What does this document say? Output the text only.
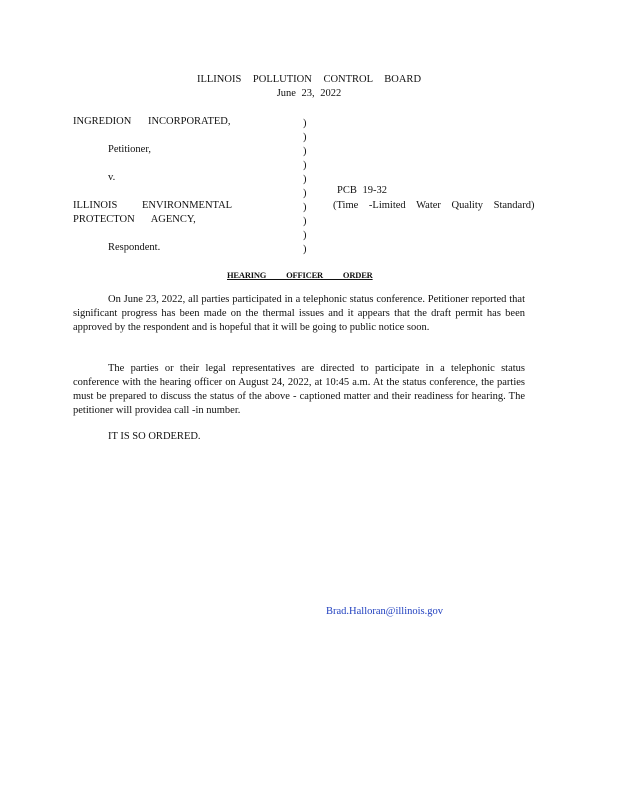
ILLINOIS POLLUTION CONTROL BOARD
June 23, 2022
INGREDION INCORPORATED,
Petitioner,
v.
ILLINOIS ENVIRONMENTAL
PROTECTON AGENCY,
Respondent.
)
)
)
)
)
)
)
)
)
)
PCB 19-32
(Time -Limited Water Quality Standard)
HEARING OFFICER ORDER
On June 23, 2022, all parties participated in a telephonic status conference. Petitioner reported that significant progress has been made on the thermal issues and it appears that the draft permit has been approved by the respondent and is hopeful that it will be going to public notice soon.
The parties or their legal representatives are directed to participate in a telephonic status conference with the hearing officer on August 24, 2022, at 10:45 a.m. At the status conference, the parties must be prepared to discuss the status of the above - captioned matter and their readiness for hearing. The petitioner will providea call -in number.
IT IS SO ORDERED.
Brad.Halloran@illinois.gov
